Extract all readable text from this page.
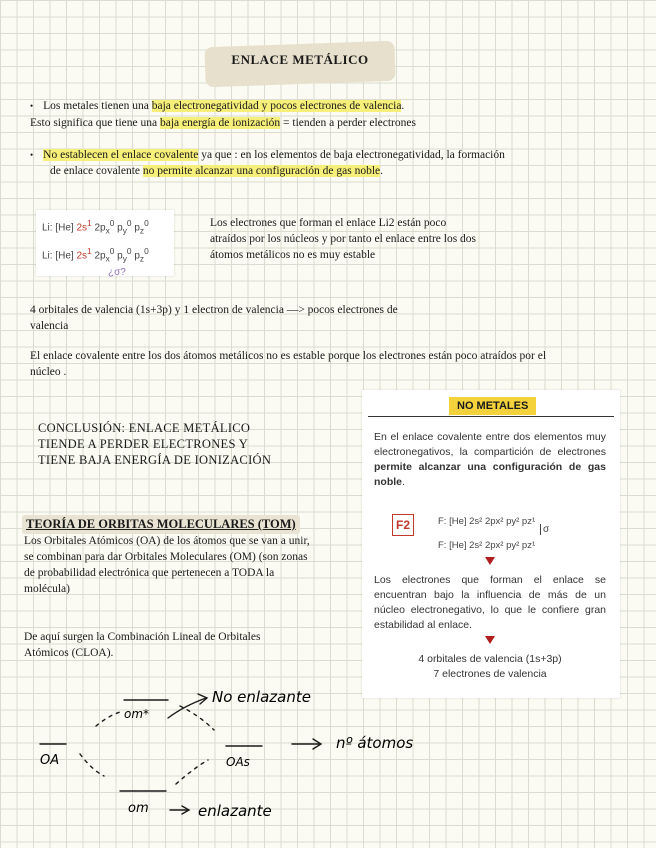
ENLACE METÁLICO
• Los metales tienen una baja electronegatividad y pocos electrones de valencia.
Esto significa que tiene una baja energía de ionización = tienden a perder electrones
• No establecen el enlace covalente ya que : en los elementos de baja electronegatividad, la formación de enlace covalente no permite alcanzar una configuración de gas noble.
Li: [He] $2s^1$ $2p_x^0$ $p_y^0$ $p_z^0$
Li: [He] $2s^1$ $2p_x^0$ $p_y^0$ $p_z^0$
¿σ?
Los electrones que forman el enlace Li2 están poco atraídos por los núcleos y por tanto el enlace entre los dos átomos metálicos no es muy estable
4 orbitales de valencia (1s+3p) y 1 electron de valencia —> pocos electrones de valencia
El enlace covalente entre los dos átomos metálicos no es estable porque los electrones están poco atraídos por el núcleo .
CONCLUSIÓN: ENLACE METÁLICO TIENDE A PERDER ELECTRONES Y TIENE BAJA ENERGÍA DE IONIZACIÓN
TEORÍA DE ORBITAS MOLECULARES (TOM)
Los Orbitales Atómicos (OA) de los átomos que se van a unir, se combinan para dar Orbitales Moleculares (OM) (son zonas de probabilidad electrónica que pertenecen a TODA la molécula)
De aquí surgen la Combinación Lineal de Orbitales Atómicos (CLOA).
En el enlace covalente entre dos elementos muy electronegativos, la compartición de electrones permite alcanzar una configuración de gas noble.
F2	F: [He] 2s² 2px² py² pz¹
F: [He] 2s² 2px² py² pz¹
σ
Los electrones que forman el enlace se encuentran bajo la influencia de más de un núcleo electronegativo, lo que le confiere gran estabilidad al enlace.
4 orbitales de valencia (1s+3p)
7 electrones de valencia
NO METALES
om*
OA	OAs
om
No enlazante
nº átomos
enlazante
